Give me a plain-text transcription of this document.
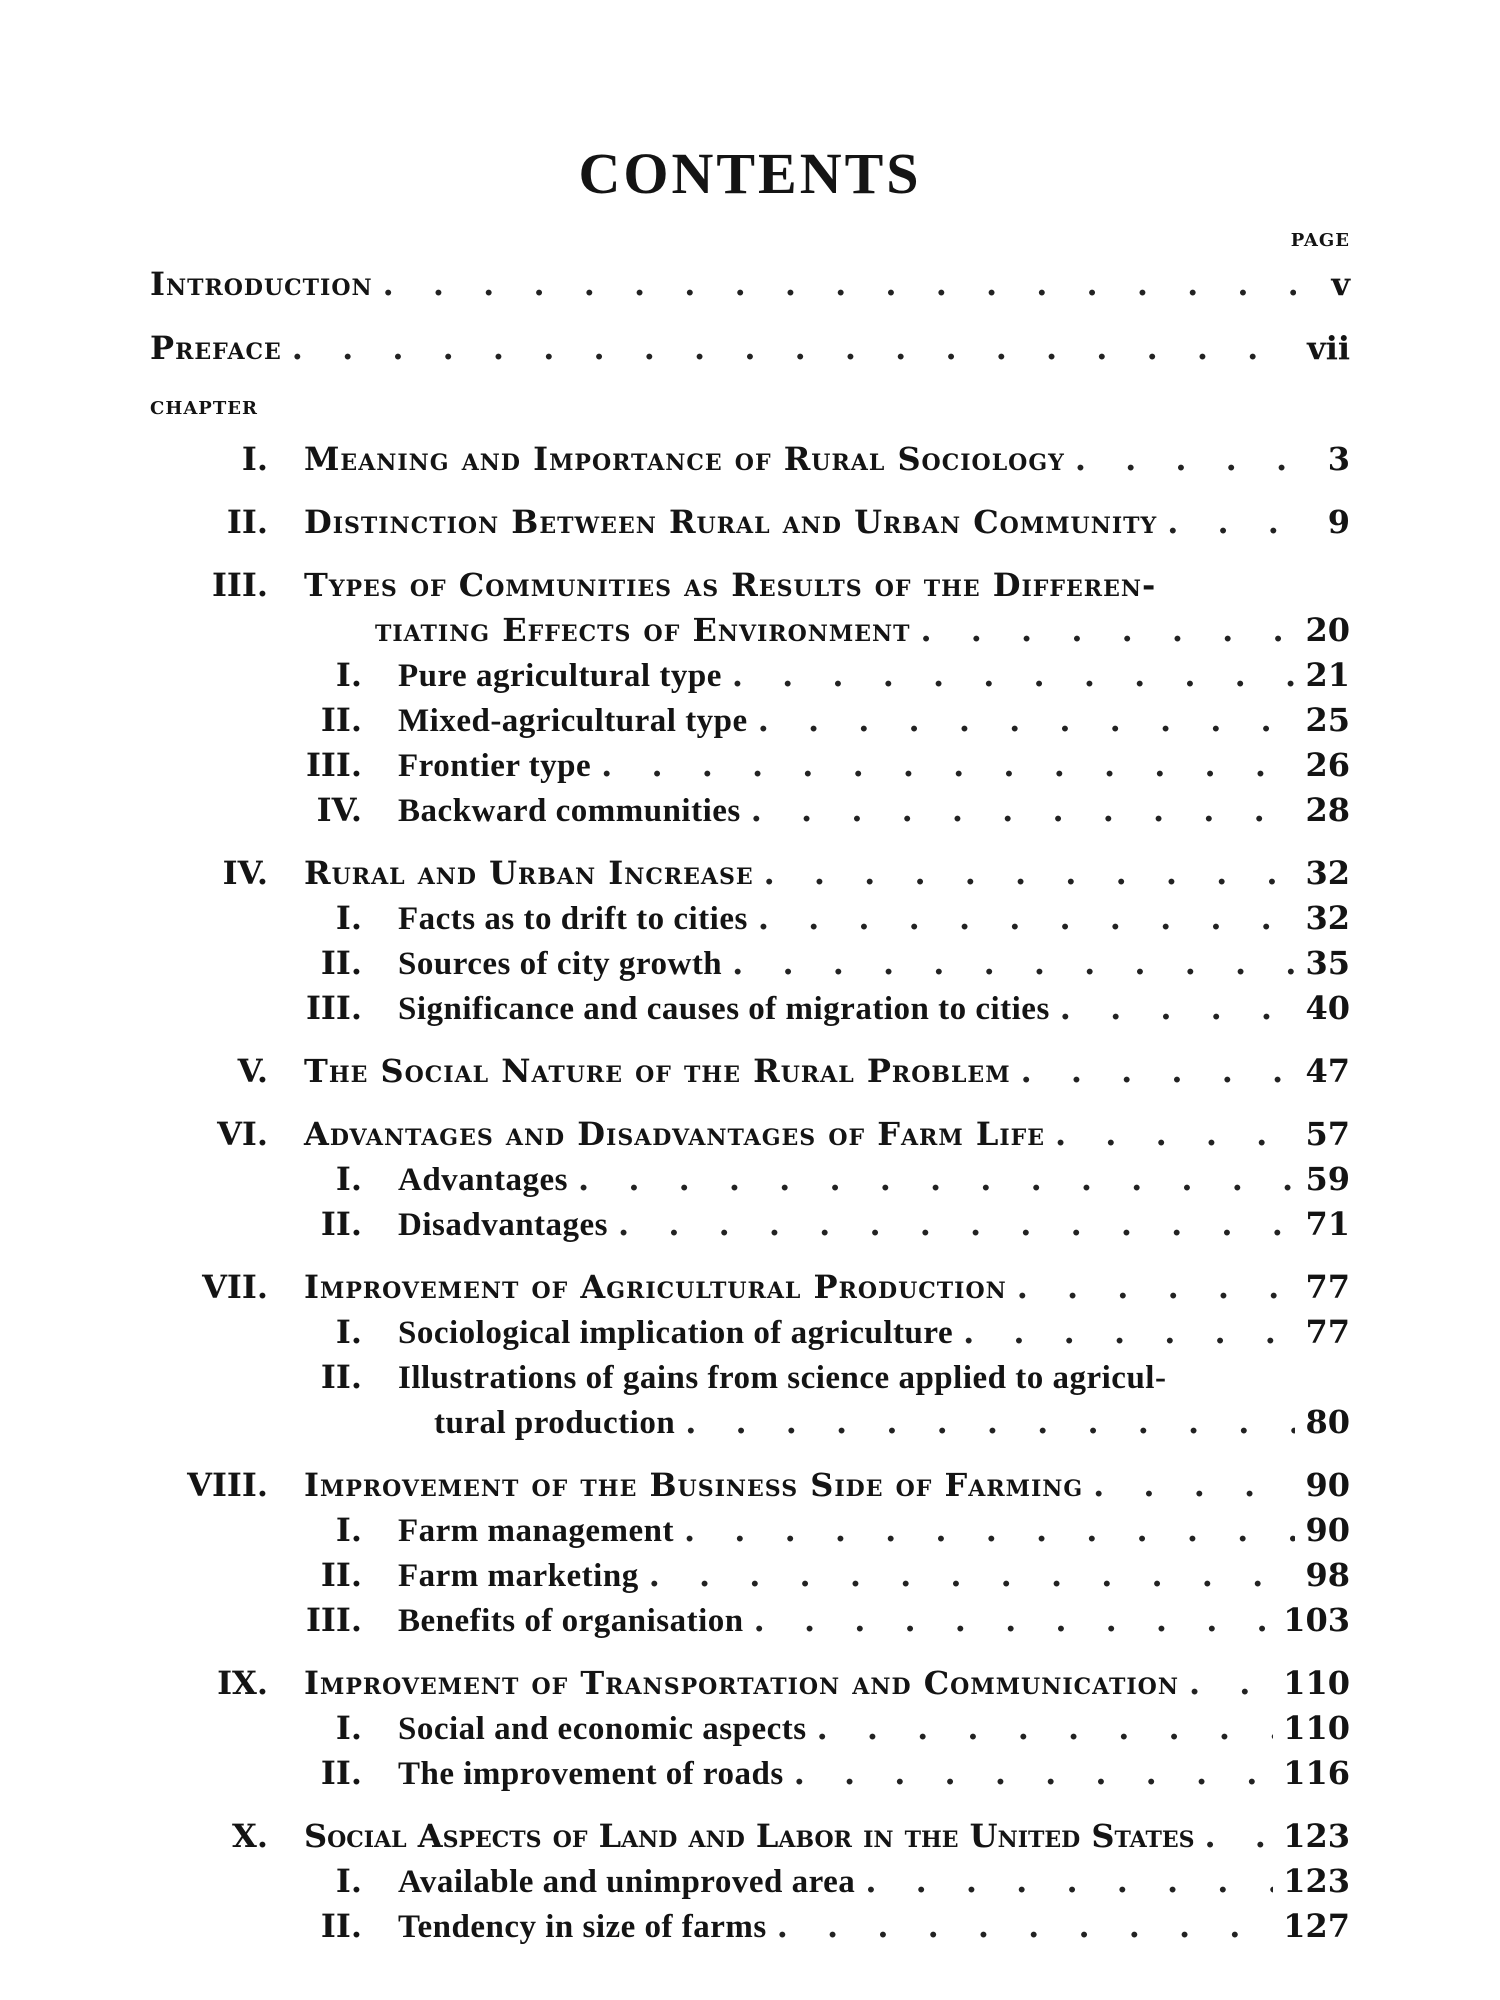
CONTENTS
PAGE
Introduction . . .	v
Preface . . .	vii
CHAPTER
I. Meaning and Importance of Rural Sociology . . .	3
II. Distinction Between Rural and Urban Community . . .	9
III. Types of Communities as Results of the Differen-
tiating Effects of Environment . . .	20
I. Pure agricultural type . . .	21
II. Mixed-agricultural type . . .	25
III. Frontier type . . .	26
IV. Backward communities . . .	28
IV. Rural and Urban Increase . . .	32
I. Facts as to drift to cities . . .	32
II. Sources of city growth . . .	35
III. Significance and causes of migration to cities . . .	40
V. The Social Nature of the Rural Problem . . .	47
VI. Advantages and Disadvantages of Farm Life . . .	57
I. Advantages . . .	59
II. Disadvantages . . .	71
VII. Improvement of Agricultural Production . . .	77
I. Sociological implication of agriculture . . .	77
II. Illustrations of gains from science applied to agricul-
tural production . . .	80
VIII. Improvement of the Business Side of Farming . . .	90
I. Farm management . . .	90
II. Farm marketing . . .	98
III. Benefits of organisation . . .	103
IX. Improvement of Transportation and Communication . . .	110
I. Social and economic aspects . . .	110
II. The improvement of roads . . .	116
X. Social Aspects of Land and Labor in the United States . . .	123
I. Available and unimproved area . . .	123
II. Tendency in size of farms . . .	127
